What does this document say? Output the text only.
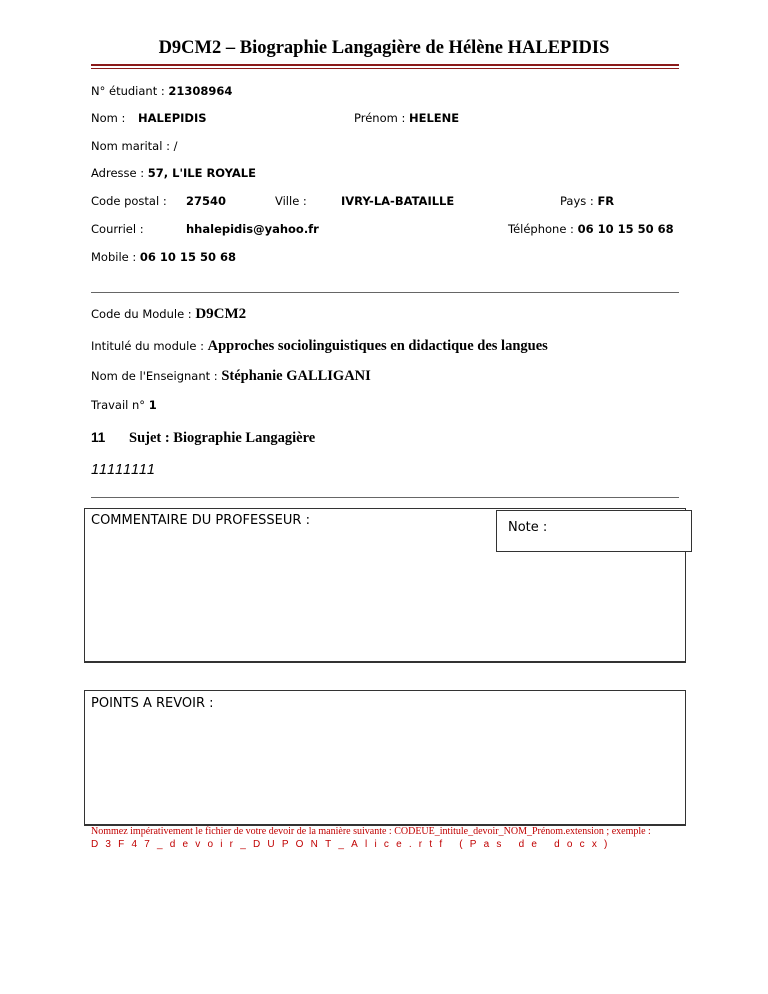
D9CM2 – Biographie Langagière de Hélène HALEPIDIS
N° étudiant : 21308964
Nom : HALEPIDIS	Prénom : HELENE
Nom marital : /
Adresse : 57, L'ILE ROYALE
Code postal : 27540	Ville :	IVRY-LA-BATAILLE	Pays : FR
Courriel :	hhalepidis@yahoo.fr	Téléphone : 06 10 15 50 68
Mobile : 06 10 15 50 68
Code du Module : D9CM2
Intitulé du module : Approches sociolinguistiques en didactique des langues
Nom de l'Enseignant : Stéphanie GALLIGANI
Travail n° 1
11 Sujet : Biographie Langagière
11111111
COMMENTAIRE DU PROFESSEUR :	Note :
POINTS A REVOIR :
Nommez impérativement le fichier de votre devoir de la manière suivante : CODEUE_intitule_devoir_NOM_Prénom.extension ; exemple :
D3F47_devoir_DUPONT_Alice.rtf (Pas de docx)
